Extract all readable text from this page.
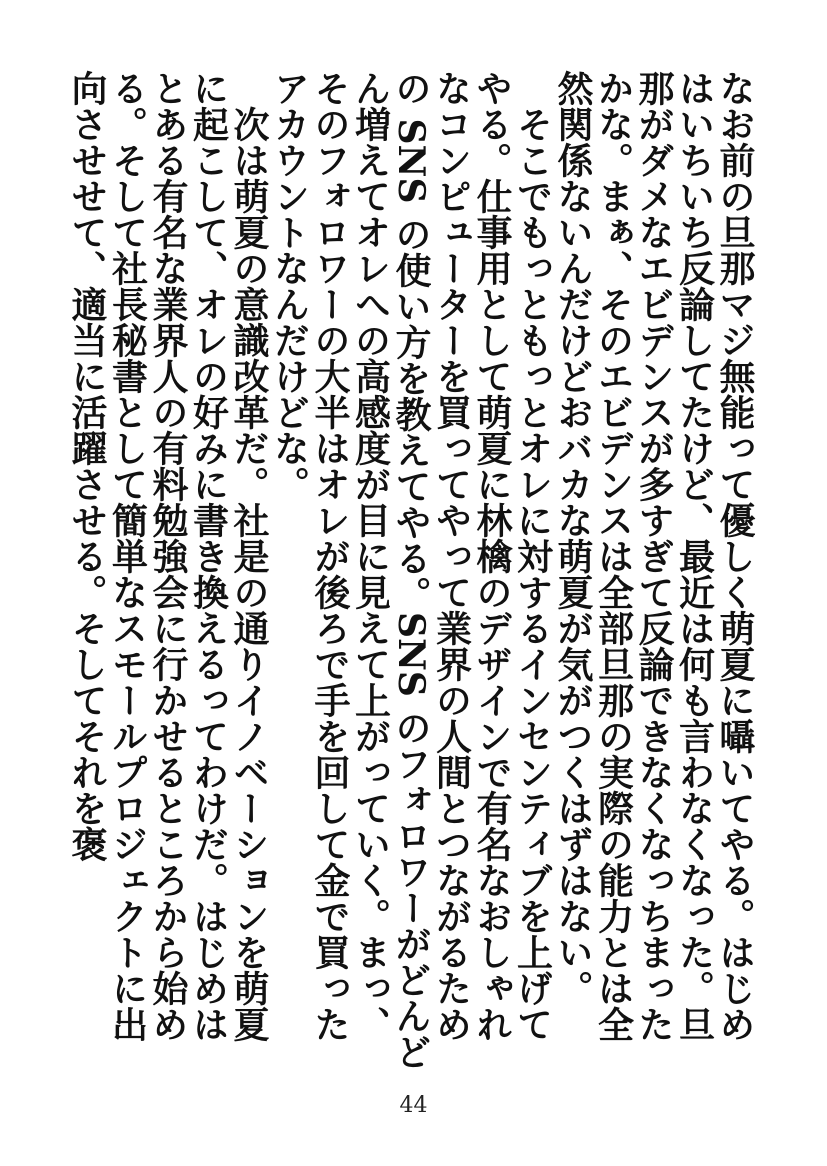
なお前の旦那マジ無能って優しく萌夏に囁いてやる。はじめはいちいち反論してたけど、最近は何も言わなくなった。旦那がダメなエビデンスが多すぎて反論できなくなっちまったかな。まぁ、そのエビデンスは全部旦那の実際の能力とは全然関係ないんだけどおバカな萌夏が気がつくはずはない。

　そこでもっともっとオレに対するインセンティブを上げてやる。仕事用として萌夏に林檎のデザインで有名なおしゃれなコンピューターを買ってやって業界の人間とつながるための SNS の使い方を教えてやる。SNS のフォロワーがどんどん増えてオレへの高感度が目に見えて上がっていく。まっ、そのフォロワーの大半はオレが後ろで手を回して金で買ったアカウントなんだけどな。

　次は萌夏の意識改革だ。社是の通りイノベーションを萌夏に起こして、オレの好みに書き換えるってわけだ。はじめはとある有名な業界人の有料勉強会に行かせるところから始める。そして社長秘書として簡単なスモールプロジェクトに出向させせて、適当に活躍させる。そしてそれを褒

44
